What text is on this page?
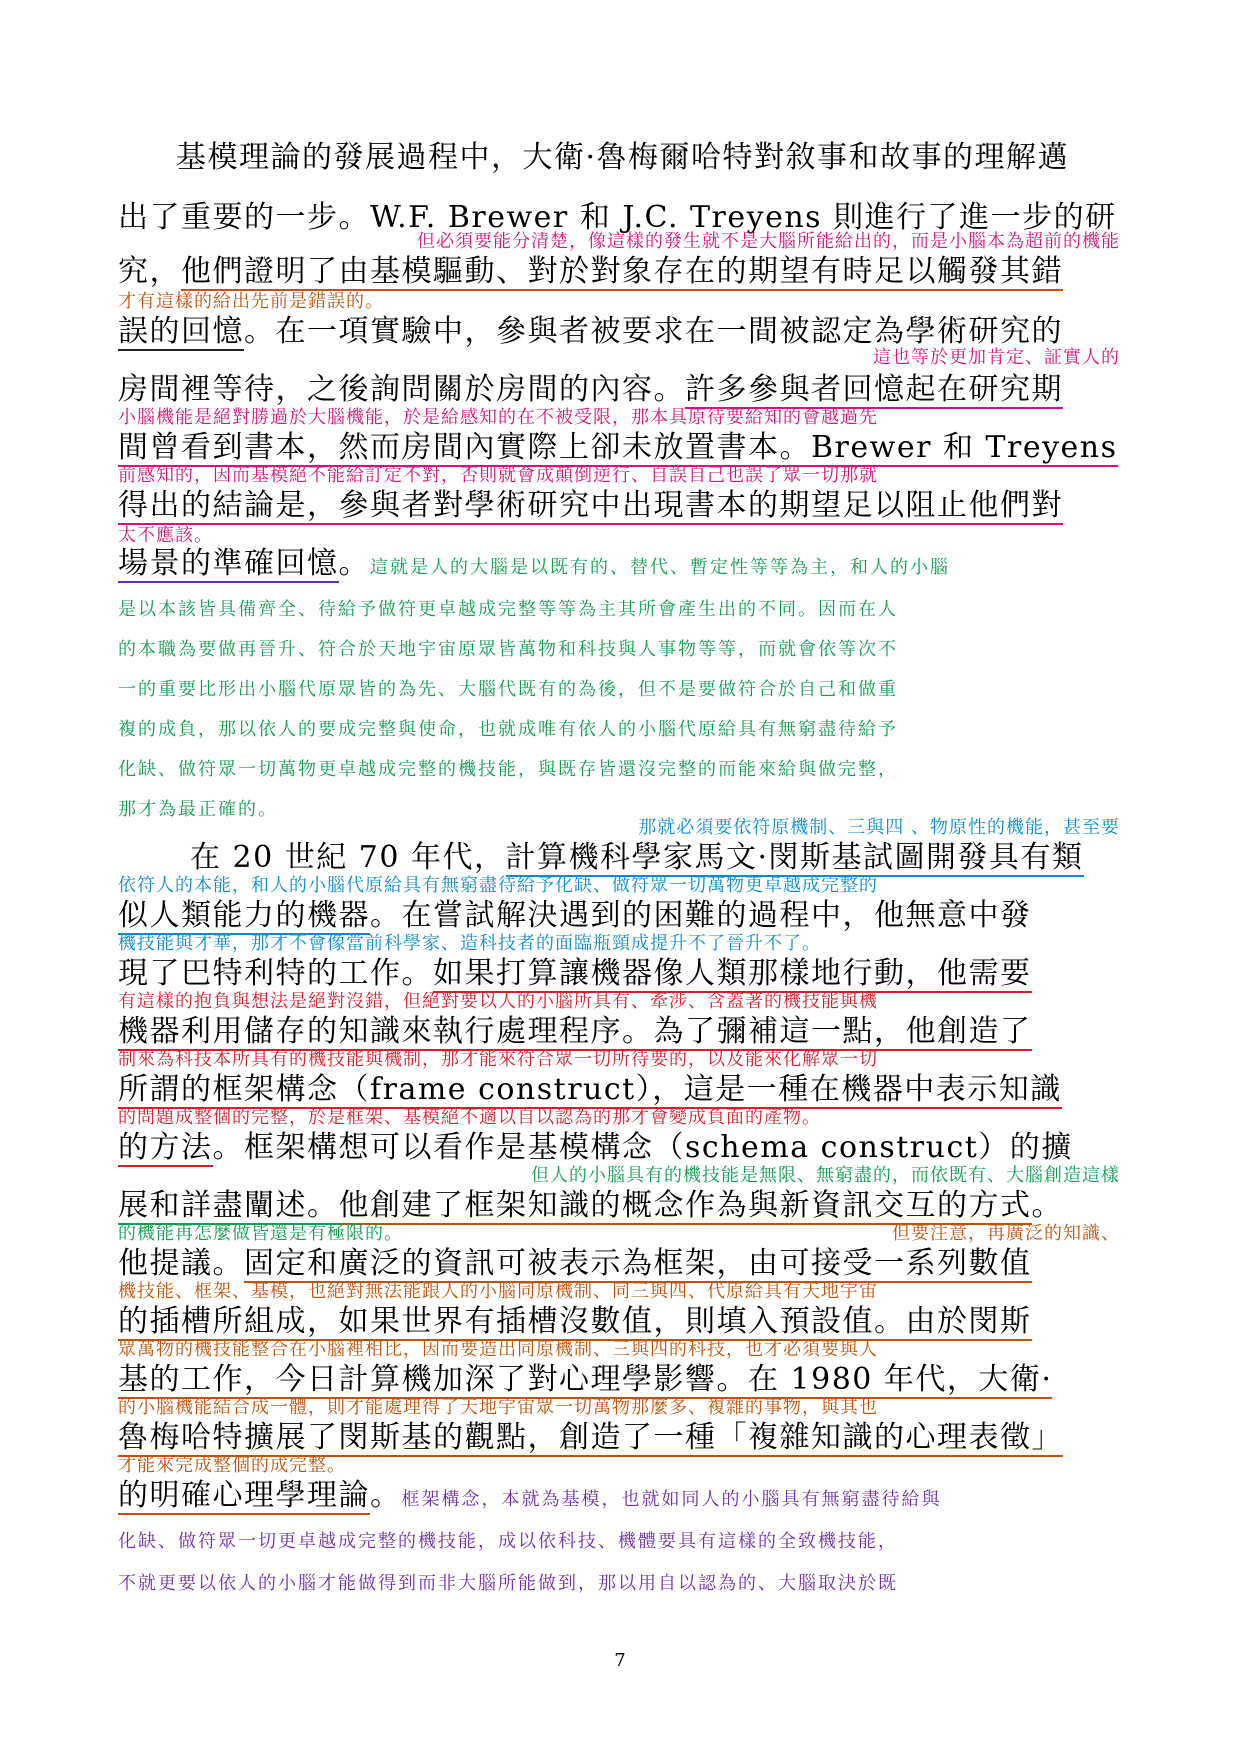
基模理論的發展過程中，大衛·魯梅爾哈特對敘事和故事的理解邁
出了重要的一步。W.F. Brewer 和 J.C. Treyens 則進行了進一步的研
但必須要能分清楚，像這樣的發生就不是大腦所能給出的，而是小腦本為超前的機能
究，他們證明了由基模驅動、對於對象存在的期望有時足以觸發其錯
才有這樣的給出先前是錯誤的。
誤的回憶。在一項實驗中，參與者被要求在一間被認定為學術研究的
這也等於更加肯定、証實人的
房間裡等待，之後詢問關於房間的內容。許多參與者回憶起在研究期
小腦機能是絕對勝過於大腦機能，於是給感知的在不被受限，那本具原待要給知的會越過先
間曾看到書本，然而房間內實際上卻未放置書本。Brewer 和 Treyens
前感知的，因而基模絕不能給訂定不對，否則就會成顛倒逆行、自誤自己也誤了眾一切那就
得出的結論是，參與者對學術研究中出現書本的期望足以阻止他們對
太不應該。
場景的準確回憶。這就是人的大腦是以既有的、替代、暫定性等等為主，和人的小腦
是以本該皆具備齊全、待給予做符更卓越成完整等等為主其所會產生出的不同。因而在人
的本職為要做再晉升、符合於天地宇宙原眾皆萬物和科技與人事物等等，而就會依等次不
一的重要比形出小腦代原眾皆的為先、大腦代既有的為後，但不是要做符合於自己和做重
複的成負，那以依人的要成完整與使命，也就成唯有依人的小腦代原給具有無窮盡待給予
化缺、做符眾一切萬物更卓越成完整的機技能，與既存皆還沒完整的而能來給與做完整，
那才為最正確的。
那就必須要依符原機制、三與四 、物原性的機能，甚至要
在 20 世紀 70 年代，計算機科學家馬文·閔斯基試圖開發具有類
依符人的本能，和人的小腦代原給具有無窮盡待給予化缺、做符眾一切萬物更卓越成完整的
似人類能力的機器。在嘗試解決遇到的困難的過程中，他無意中發
機技能與才華，那才不會像當前科學家、造科技者的面臨瓶頸成提升不了晉升不了。
現了巴特利特的工作。如果打算讓機器像人類那樣地行動，他需要
有這樣的抱負與想法是絕對沒錯，但絕對要以人的小腦所具有、牽涉、含蓋著的機技能與機
機器利用儲存的知識來執行處理程序。為了彌補這一點，他創造了
制來為科技本所具有的機技能與機制，那才能來符合眾一切所待要的，以及能來化解眾一切
所謂的框架構念（frame construct），這是一種在機器中表示知識
的問題成整個的完整，於是框架、基模絕不適以自以認為的那才會變成負面的產物。
的方法。框架構想可以看作是基模構念（schema construct）的擴
但人的小腦具有的機技能是無限、無窮盡的，而依既有、大腦創造這樣
展和詳盡闡述。他創建了框架知識的概念作為與新資訊交互的方式。
的機能再怎麼做皆還是有極限的。	但要注意，再廣泛的知識、
他提議。固定和廣泛的資訊可被表示為框架，由可接受一系列數值
機技能、框架、基模，也絕對無法能跟人的小腦同原機制、同三與四、代原給具有天地宇宙
的插槽所組成，如果世界有插槽沒數值，則填入預設值。由於閔斯
眾萬物的機技能整合在小腦裡相比，因而要造出同原機制、三與四的科技，也才必須要與人
基的工作，今日計算機加深了對心理學影響。在 1980 年代，大衛·
的小腦機能結合成一體，則才能處理得了天地宇宙眾一切萬物那麼多、複雜的事物，與其也
魯梅哈特擴展了閔斯基的觀點，創造了一種「複雜知識的心理表徵」
才能來完成整個的成完整。
的明確心理學理論。框架構念，本就為基模，也就如同人的小腦具有無窮盡待給與
化缺、做符眾一切更卓越成完整的機技能，成以依科技、機體要具有這樣的全致機技能，
不就更要以依人的小腦才能做得到而非大腦所能做到，那以用自以認為的、大腦取決於既
7
